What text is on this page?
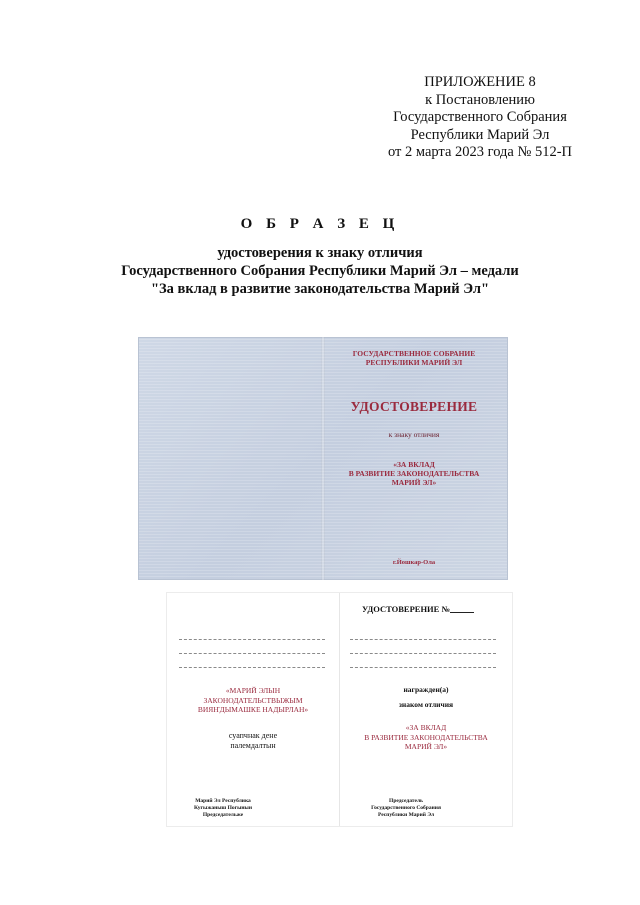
ПРИЛОЖЕНИЕ 8
к Постановлению
Государственного Собрания
Республики Марий Эл
от 2 марта 2023 года № 512-П
О Б Р А З Е Ц
удостоверения к знаку отличия
Государственного Собрания Республики Марий Эл – медали
"За вклад в развитие законодательства Марий Эл"
ГОСУДАРСТВЕННОЕ СОБРАНИЕ
РЕСПУБЛИКИ МАРИЙ ЭЛ
УДОСТОВЕРЕНИЕ
к знаку отличия
«ЗА ВКЛАД
В РАЗВИТИЕ ЗАКОНОДАТЕЛЬСТВА
МАРИЙ ЭЛ»
г.Йошкар-Ола
«МАРИЙ ЭЛЫН
ЗАКОНОДАТЕЛЬСТВЫЖЫМ
ВИЯҤДЫМАШКЕ НАДЫРЛАН»
суапчнак дене
палемдалтын
Марий Эл Республика
Кугыжаныш Погынын
Председательже
УДОСТОВЕРЕНИЕ №
награжден(а)
знаком отличия
«ЗА ВКЛАД
В РАЗВИТИЕ ЗАКОНОДАТЕЛЬСТВА
МАРИЙ ЭЛ»
Председатель
Государственного Собрания
Республики Марий Эл
